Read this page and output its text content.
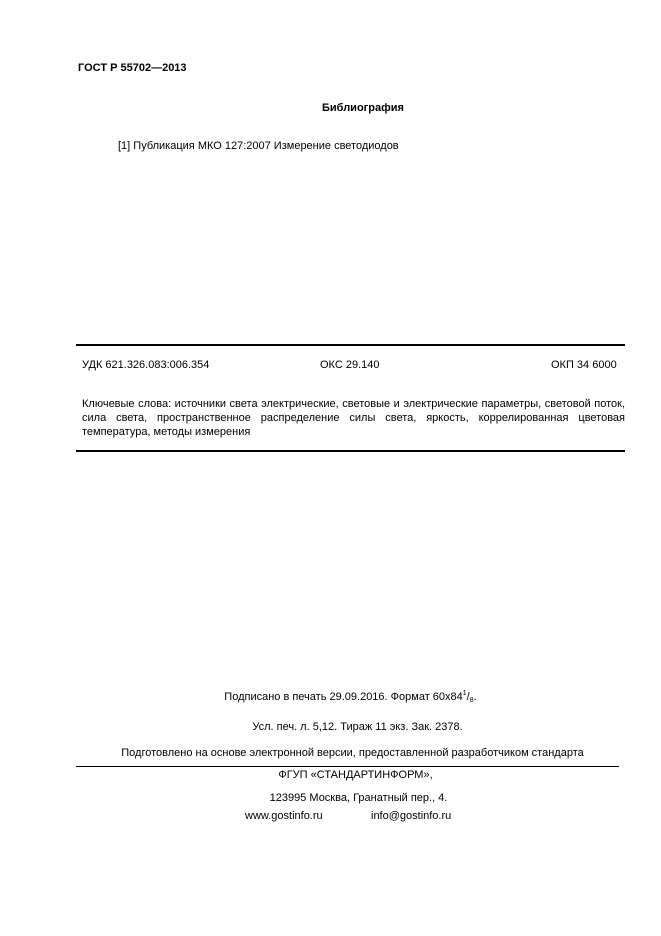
ГОСТ Р 55702—2013
Библиография
[1] Публикация МКО 127:2007 Измерение светодиодов
УДК 621.326.083:006.354	ОКС 29.140	ОКП 34 6000
Ключевые слова: источники света электрические, световые и электрические параметры, световой поток, сила света, пространственное распределение силы света, яркость, коррелированная цветовая температура, методы измерения
Подписано в печать 29.09.2016. Формат $60х84^1/_8$.
Усл. печ. л. 5,12. Тираж 11 экз. Зак. 2378.
Подготовлено на основе электронной версии, предоставленной разработчиком стандарта
ФГУП «СТАНДАРТИНФОРМ»,
123995 Москва, Гранатный пер., 4.
www.gostinfo.ru	info@gostinfo.ru
